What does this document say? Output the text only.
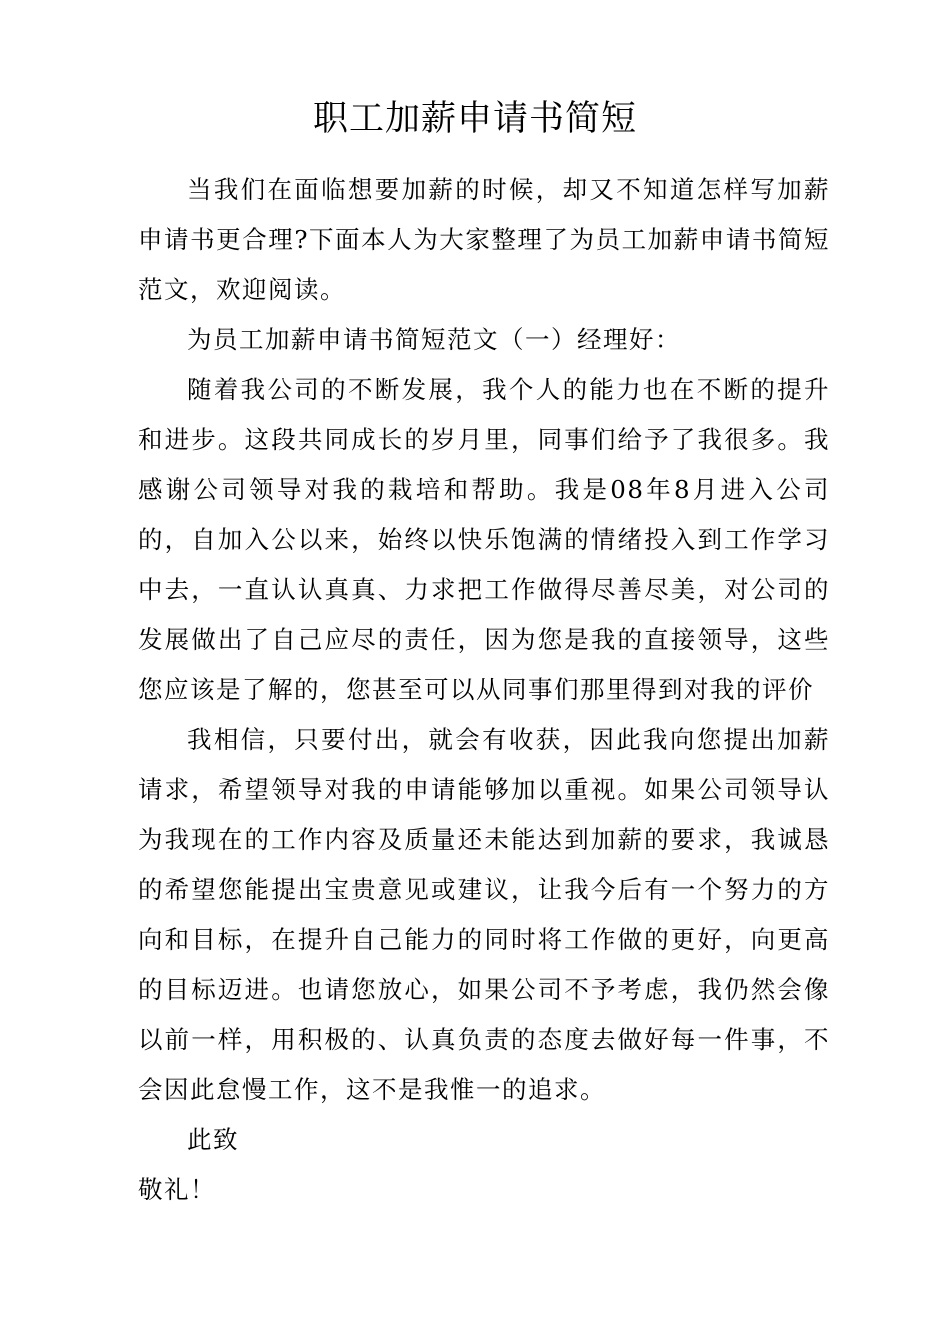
职工加薪申请书简短

当我们在面临想要加薪的时候，却又不知道怎样写加薪申请书更合理?下面本人为大家整理了为员工加薪申请书简短范文，欢迎阅读。

为员工加薪申请书简短范文（一）经理好：

随着我公司的不断发展，我个人的能力也在不断的提升和进步。这段共同成长的岁月里，同事们给予了我很多。我感谢公司领导对我的栽培和帮助。我是08年8月进入公司的，自加入公以来，始终以快乐饱满的情绪投入到工作学习中去，一直认认真真、力求把工作做得尽善尽美，对公司的发展做出了自己应尽的责任，因为您是我的直接领导，这些您应该是了解的，您甚至可以从同事们那里得到对我的评价

我相信，只要付出，就会有收获，因此我向您提出加薪请求，希望领导对我的申请能够加以重视。如果公司领导认为我现在的工作内容及质量还未能达到加薪的要求，我诚恳的希望您能提出宝贵意见或建议，让我今后有一个努力的方向和目标，在提升自己能力的同时将工作做的更好，向更高的目标迈进。也请您放心，如果公司不予考虑，我仍然会像以前一样，用积极的、认真负责的态度去做好每一件事，不会因此怠慢工作，这不是我惟一的追求。

此致

敬礼！
